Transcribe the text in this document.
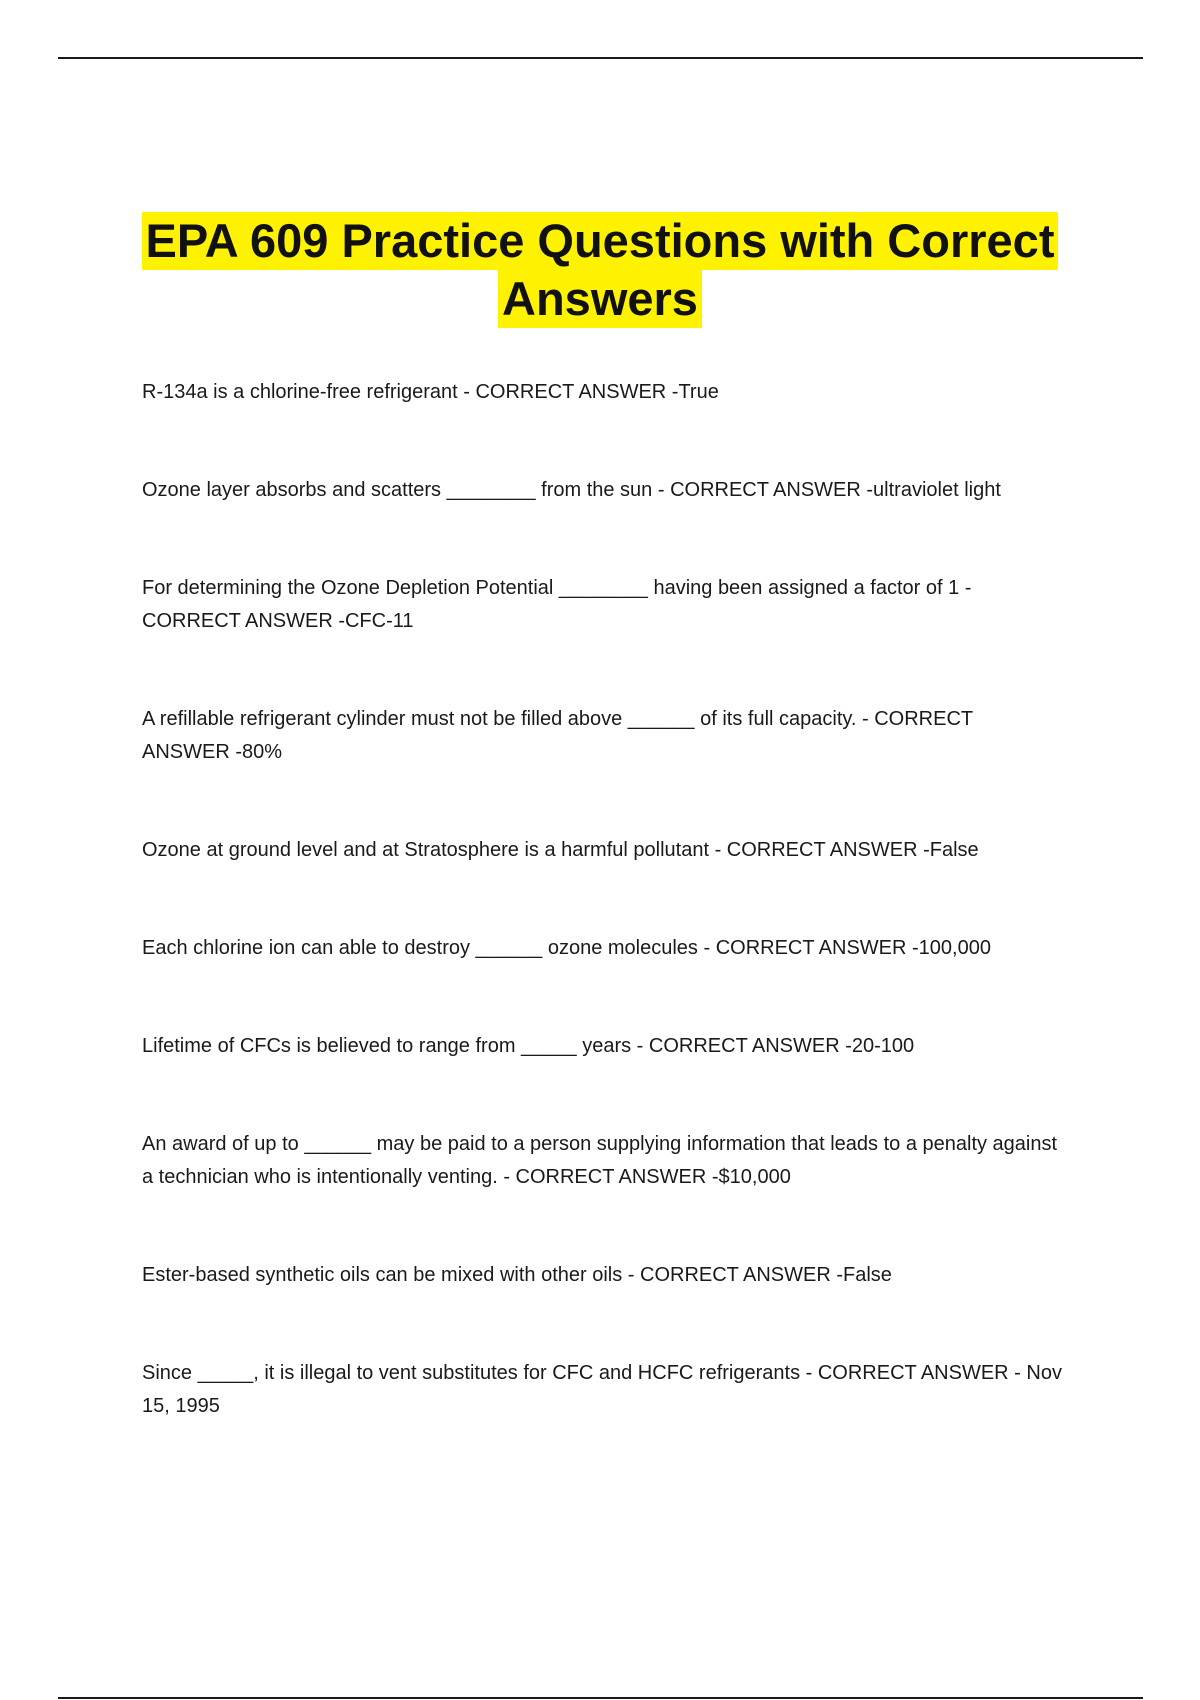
EPA 609 Practice Questions with Correct
Answers
R-134a is a chlorine-free refrigerant - CORRECT ANSWER -True
Ozone layer absorbs and scatters ________ from the sun - CORRECT ANSWER -ultraviolet light
For determining the Ozone Depletion Potential ________ having been assigned a factor of 1 - CORRECT ANSWER -CFC-11
A refillable refrigerant cylinder must not be filled above ______ of its full capacity. - CORRECT ANSWER -80%
Ozone at ground level and at Stratosphere is a harmful pollutant - CORRECT ANSWER -False
Each chlorine ion can able to destroy ______ ozone molecules - CORRECT ANSWER -100,000
Lifetime of CFCs is believed to range from _____ years - CORRECT ANSWER -20-100
An award of up to ______ may be paid to a person supplying information that leads to a penalty against a technician who is intentionally venting. - CORRECT ANSWER -$10,000
Ester-based synthetic oils can be mixed with other oils - CORRECT ANSWER -False
Since _____, it is illegal to vent substitutes for CFC and HCFC refrigerants - CORRECT ANSWER - Nov 15, 1995
